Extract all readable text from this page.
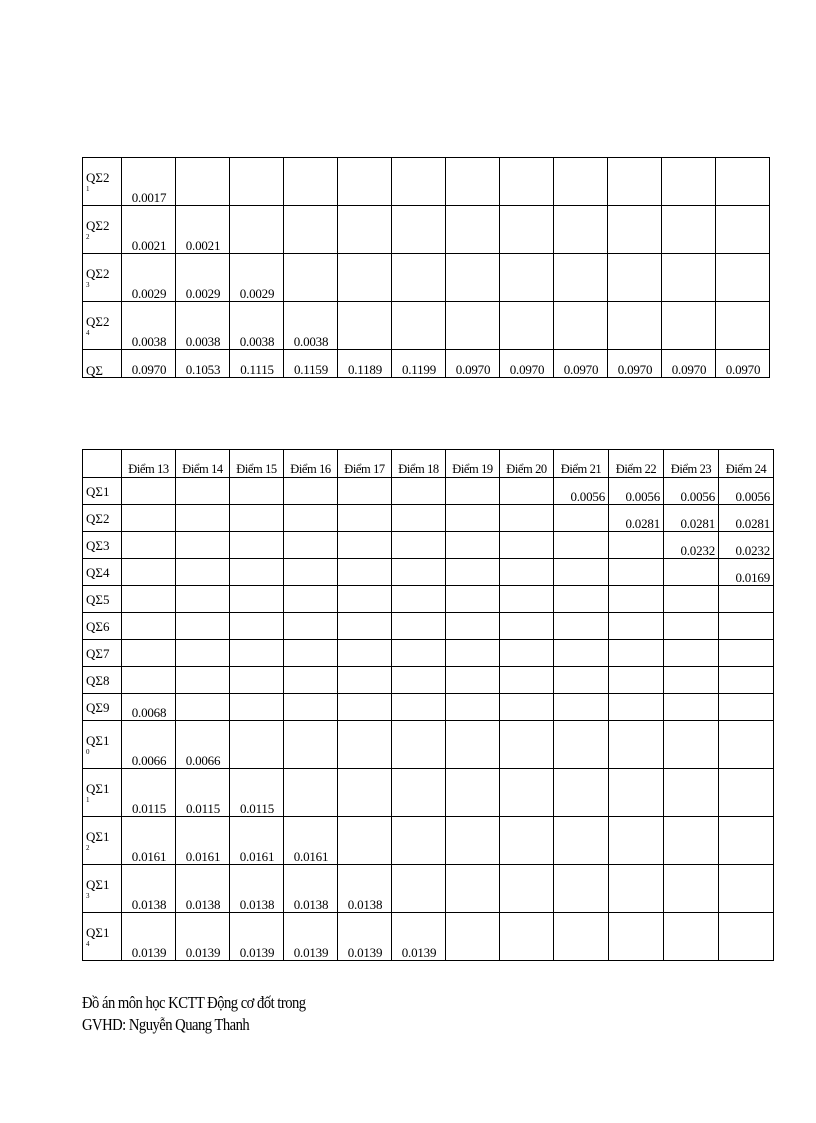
QΣ2
1	0.0017											

QΣ2
2	0.0021	0.0021										

QΣ2
3	0.0029	0.0029	0.0029									

QΣ2
4	0.0038	0.0038	0.0038	0.0038								
QΣ	0.0970	0.1053	0.1115	0.1159	0.1189	0.1199	0.0970	0.0970	0.0970	0.0970	0.0970	0.0970
	Điểm 13	Điểm 14	Điểm 15	Điểm 16	Điểm 17	Điểm 18	Điểm 19	Điểm 20	Điểm 21	Điểm 22	Điểm 23	Điểm 24
QΣ1									0.0056	0.0056	0.0056	0.0056
QΣ2										0.0281	0.0281	0.0281
QΣ3											0.0232	0.0232
QΣ4												0.0169
QΣ5												
QΣ6												
QΣ7												
QΣ8												
QΣ9	0.0068											

QΣ1
0	0.0066	0.0066										

QΣ1
1	0.0115	0.0115	0.0115									

QΣ1
2	0.0161	0.0161	0.0161	0.0161								

QΣ1
3	0.0138	0.0138	0.0138	0.0138	0.0138							

QΣ1
4	0.0139	0.0139	0.0139	0.0139	0.0139	0.0139						
Đồ án môn học KCTT Động cơ đốt trong
GVHD: Nguyễn Quang Thanh
